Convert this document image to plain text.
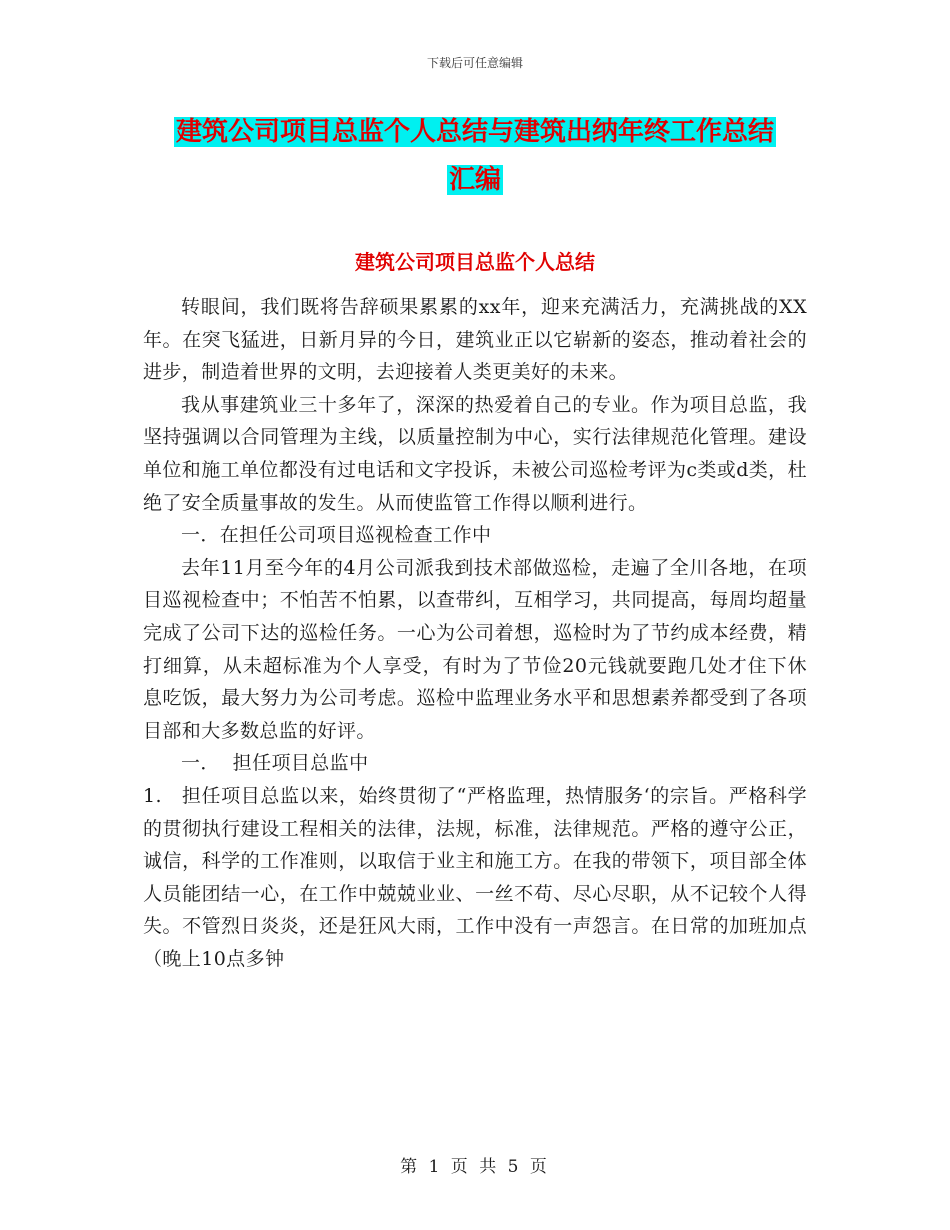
下载后可任意编辑
建筑公司项目总监个人总结与建筑出纳年终工作总结
汇编
建筑公司项目总监个人总结

转眼间，我们既将告辞硕果累累的xx年，迎来充满活力，充满挑战的XX年。在突飞猛进，日新月异的今日，建筑业正以它崭新的姿态，推动着社会的进步，制造着世界的文明，去迎接着人类更美好的未来。

我从事建筑业三十多年了，深深的热爱着自己的专业。作为项目总监，我坚持强调以合同管理为主线，以质量控制为中心，实行法律规范化管理。建设单位和施工单位都没有过电话和文字投诉，未被公司巡检考评为c类或d类，杜绝了安全质量事故的发生。从而使监管工作得以顺利进行。

一．在担任公司项目巡视检查工作中

去年11月至今年的4月公司派我到技术部做巡检，走遍了全川各地，在项目巡视检查中；不怕苦不怕累，以查带纠，互相学习，共同提高，每周均超量完成了公司下达的巡检任务。一心为公司着想，巡检时为了节约成本经费，精打细算，从未超标准为个人享受，有时为了节俭20元钱就要跑几处才住下休息吃饭，最大努力为公司考虑。巡检中监理业务水平和思想素养都受到了各项目部和大多数总监的好评。

一．  担任项目总监中

1.   担任项目总监以来，始终贯彻了“严格监理，热情服务‘的宗旨。严格科学的贯彻执行建设工程相关的法律，法规，标准，法律规范。严格的遵守公正，诚信，科学的工作准则，以取信于业主和施工方。在我的带领下，项目部全体人员能团结一心，在工作中兢兢业业、一丝不苟、尽心尽职，从不记较个人得失。不管烈日炎炎，还是狂风大雨，工作中没有一声怨言。在日常的加班加点（晚上10点多钟

第 1 页 共 5 页
